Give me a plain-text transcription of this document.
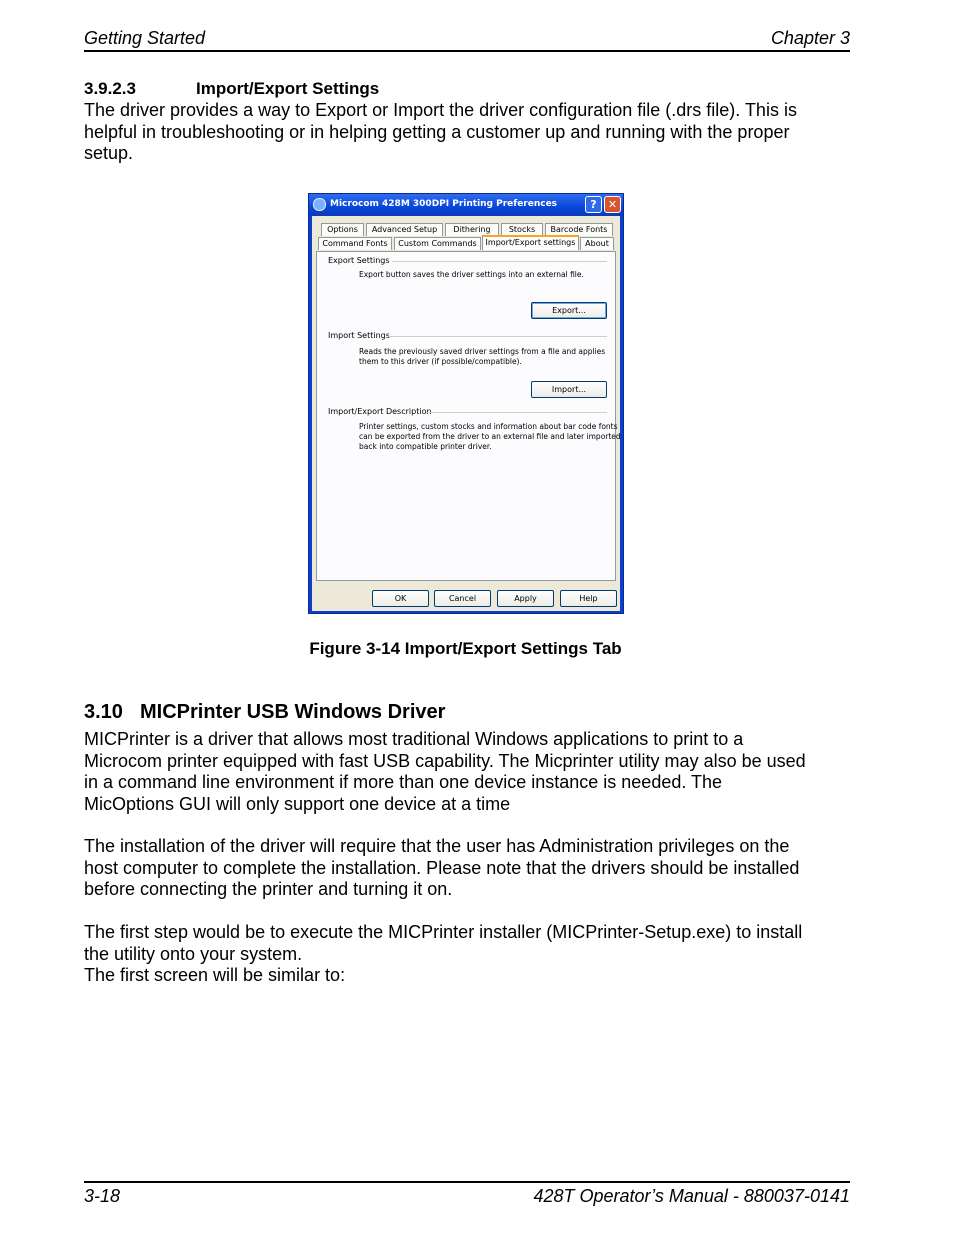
Getting Started	Chapter 3
3.9.2.3	Import/Export Settings
The driver provides a way to Export or Import the driver configuration file (.drs file). This is
helpful in troubleshooting or in helping getting a customer up and running with the proper
setup.
Microcom 428M 300DPI Printing Preferences	?	✕
Options	Advanced Setup	Dithering	Stocks	Barcode Fonts
Command Fonts	Custom Commands	Import/Export settings	About
Export Settings
Export button saves the driver settings into an external file.
Export...
Import Settings
Reads the previously saved driver settings from a file and applies
them to this driver (if possible/compatible).
Import...
Import/Export Description
Printer settings, custom stocks and information about bar code fonts
can be exported from the driver to an external file and later imported
back into compatible printer driver.
OK	Cancel	Apply	Help
Figure 3-14 Import/Export Settings Tab
3.10 MICPrinter USB Windows Driver
MICPrinter is a driver that allows most traditional Windows applications to print to a
Microcom printer equipped with fast USB capability. The Micprinter utility may also be used
in a command line environment if more than one device instance is needed. The
MicOptions GUI will only support one device at a time
The installation of the driver will require that the user has Administration privileges on the
host computer to complete the installation. Please note that the drivers should be installed
before connecting the printer and turning it on.
The first step would be to execute the MICPrinter installer (MICPrinter-Setup.exe) to install
the utility onto your system.
The first screen will be similar to:
3-18	428T Operator’s Manual - 880037-0141
